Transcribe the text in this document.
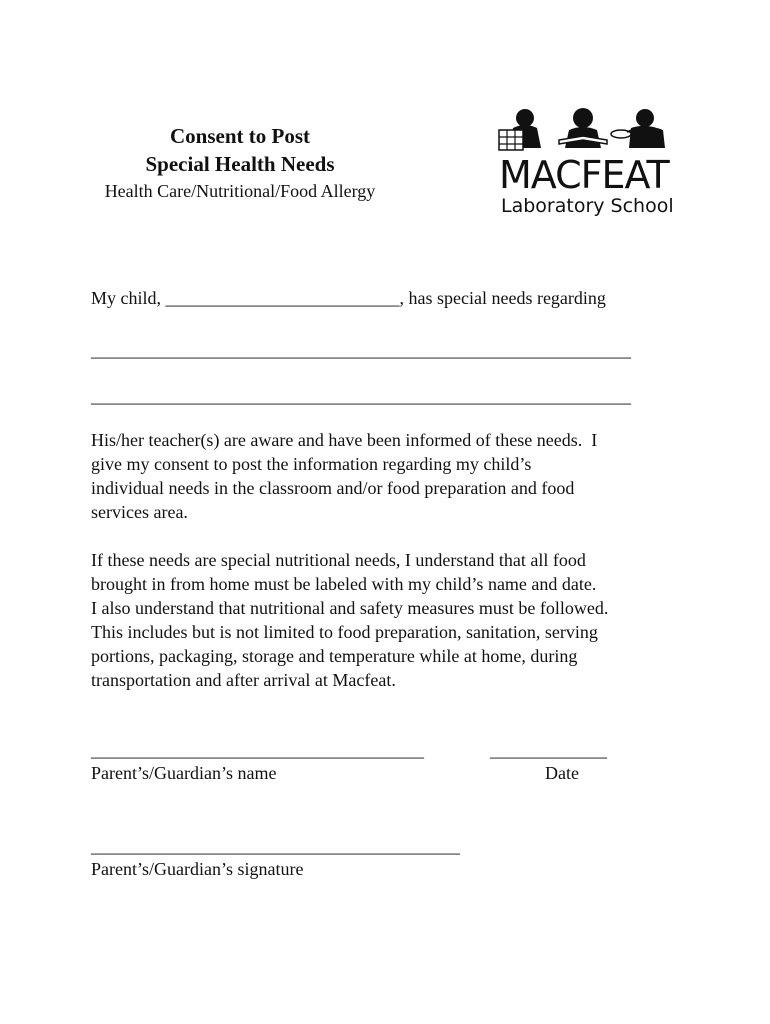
Consent to Post
Special Health Needs
Health Care/Nutritional/Food Allergy	MACFEAT
Laboratory School
My child, __________________________, has special needs regarding
____________________________________________________________
____________________________________________________________
His/her teacher(s) are aware and have been informed of these needs.  I
give my consent to post the information regarding my child’s
individual needs in the classroom and/or food preparation and food
services area.
If these needs are special nutritional needs, I understand that all food
brought in from home must be labeled with my child’s name and date.
I also understand that nutritional and safety measures must be followed.
This includes but is not limited to food preparation, sanitation, serving
portions, packaging, storage and temperature while at home, during
transportation and after arrival at Macfeat.
_____________________________________	_____________
Parent’s/Guardian’s name	Date
_________________________________________
Parent’s/Guardian’s signature
